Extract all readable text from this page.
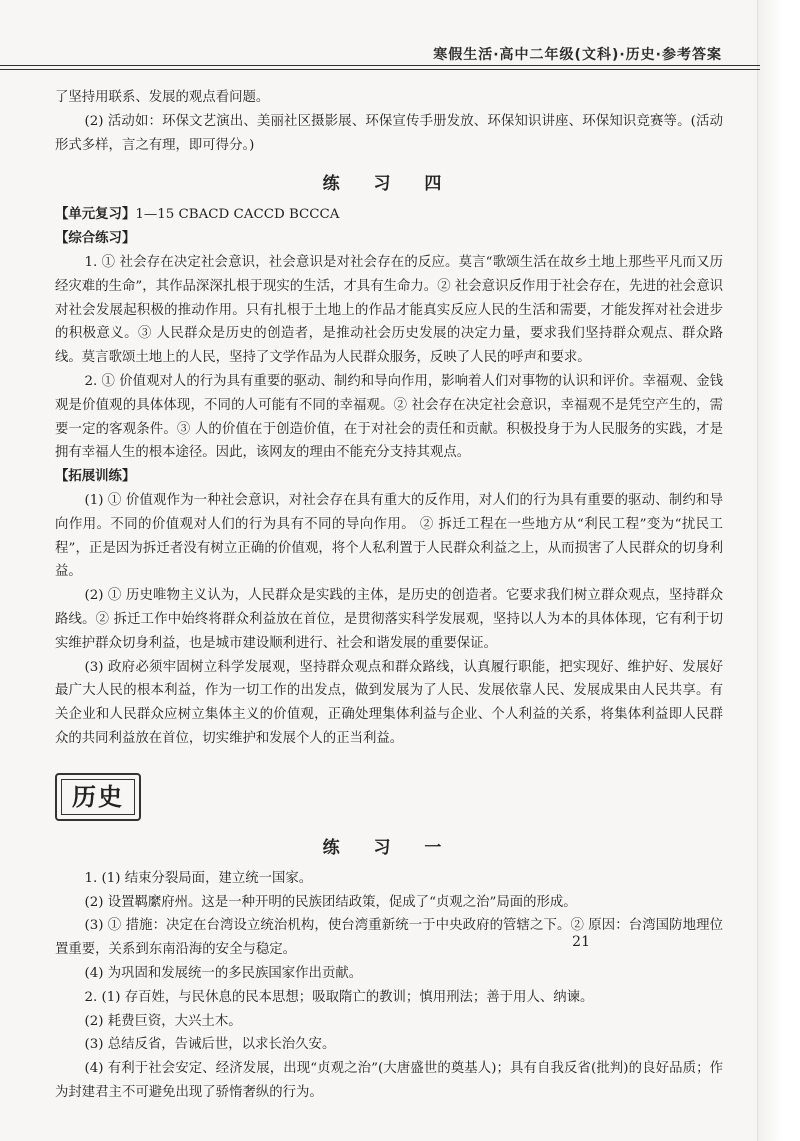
寒假生活·高中二年级(文科)·历史·参考答案

了坚持用联系、发展的观点看问题。

(2) 活动如：环保文艺演出、美丽社区摄影展、环保宣传手册发放、环保知识讲座、环保知识竞赛等。(活动形式多样，言之有理，即可得分。)

练 习 四

【单元复习】1—15 CBACD CACCD BCCCA

【综合练习】

1. ① 社会存在决定社会意识，社会意识是对社会存在的反应。莫言“歌颂生活在故乡土地上那些平凡而又历经灾难的生命”，其作品深深扎根于现实的生活，才具有生命力。② 社会意识反作用于社会存在，先进的社会意识对社会发展起积极的推动作用。只有扎根于土地上的作品才能真实反应人民的生活和需要，才能发挥对社会进步的积极意义。③ 人民群众是历史的创造者，是推动社会历史发展的决定力量，要求我们坚持群众观点、群众路线。莫言歌颂土地上的人民，坚持了文学作品为人民群众服务，反映了人民的呼声和要求。

2. ① 价值观对人的行为具有重要的驱动、制约和导向作用，影响着人们对事物的认识和评价。幸福观、金钱观是价值观的具体体现，不同的人可能有不同的幸福观。② 社会存在决定社会意识，幸福观不是凭空产生的，需要一定的客观条件。③ 人的价值在于创造价值，在于对社会的责任和贡献。积极投身于为人民服务的实践，才是拥有幸福人生的根本途径。因此，该网友的理由不能充分支持其观点。

【拓展训练】

(1) ① 价值观作为一种社会意识，对社会存在具有重大的反作用，对人们的行为具有重要的驱动、制约和导向作用。不同的价值观对人们的行为具有不同的导向作用。 ② 拆迁工程在一些地方从“利民工程”变为“扰民工程”，正是因为拆迁者没有树立正确的价值观，将个人私利置于人民群众利益之上，从而损害了人民群众的切身利益。

(2) ① 历史唯物主义认为，人民群众是实践的主体，是历史的创造者。它要求我们树立群众观点，坚持群众路线。② 拆迁工作中始终将群众利益放在首位，是贯彻落实科学发展观，坚持以人为本的具体体现，它有利于切实维护群众切身利益，也是城市建设顺利进行、社会和谐发展的重要保证。

(3) 政府必须牢固树立科学发展观，坚持群众观点和群众路线，认真履行职能，把实现好、维护好、发展好最广大人民的根本利益，作为一切工作的出发点，做到发展为了人民、发展依靠人民、发展成果由人民共享。有关企业和人民群众应树立集体主义的价值观，正确处理集体利益与企业、个人利益的关系，将集体利益即人民群众的共同利益放在首位，切实维护和发展个人的正当利益。

历史
练 习 一

1. (1) 结束分裂局面，建立统一国家。

(2) 设置羁縻府州。这是一种开明的民族团结政策，促成了“贞观之治”局面的形成。

(3) ① 措施：决定在台湾设立统治机构，使台湾重新统一于中央政府的管辖之下。② 原因：台湾国防地理位置重要，关系到东南沿海的安全与稳定。

(4) 为巩固和发展统一的多民族国家作出贡献。

2. (1) 存百姓，与民休息的民本思想；吸取隋亡的教训；慎用刑法；善于用人、纳谏。

(2) 耗费巨资，大兴土木。

(3) 总结反省，告诫后世，以求长治久安。

(4) 有利于社会安定、经济发展，出现“贞观之治”(大唐盛世的奠基人)；具有自我反省(批判)的良好品质；作为封建君主不可避免出现了骄惰奢纵的行为。

21
